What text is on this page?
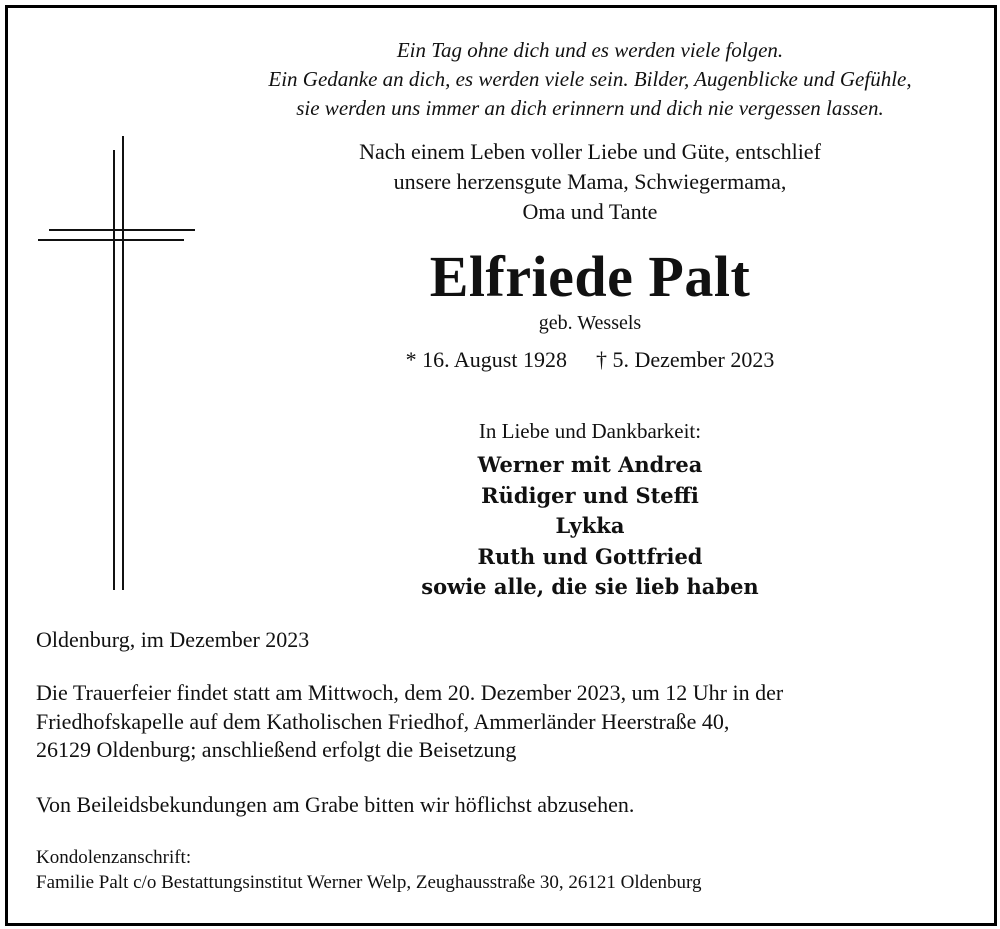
Ein Tag ohne dich und es werden viele folgen.
Ein Gedanke an dich, es werden viele sein. Bilder, Augenblicke und Gefühle,
sie werden uns immer an dich erinnern und dich nie vergessen lassen.
Nach einem Leben voller Liebe und Güte, entschlief
unsere herzensgute Mama, Schwiegermama,
Oma und Tante
Elfriede Palt
geb. Wessels
* 16. August 1928 † 5. Dezember 2023
In Liebe und Dankbarkeit:
Werner mit Andrea
Rüdiger und Steffi
Lykka
Ruth und Gottfried
sowie alle, die sie lieb haben
Oldenburg, im Dezember 2023
Die Trauerfeier findet statt am Mittwoch, dem 20. Dezember 2023, um 12 Uhr in der
Friedhofskapelle auf dem Katholischen Friedhof, Ammerländer Heerstraße 40,
26129 Oldenburg; anschließend erfolgt die Beisetzung
Von Beileidsbekundungen am Grabe bitten wir höflichst abzusehen.
Kondolenzanschrift:
Familie Palt c/o Bestattungsinstitut Werner Welp, Zeughausstraße 30, 26121 Oldenburg
